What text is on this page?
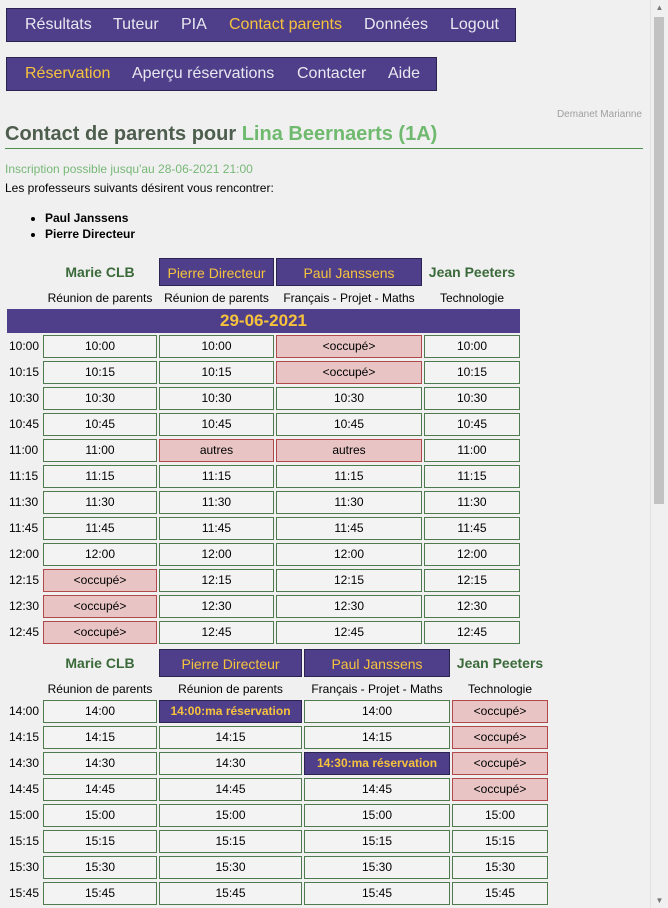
Résultats Tuteur PIA Contact parents Données Logout
Réservation Aperçu réservations Contacter Aide
Demanet Marianne
Contact de parents pour Lina Beernaerts (1A)
Inscription possible jusqu'au 28-06-2021 21:00
Les professeurs suivants désirent vous rencontrer:
• Paul Janssens
• Pierre Directeur
29-06-2021
Marie CLB
Réunion de parents
Pierre Directeur
Réunion de parents
Paul Janssens
Français - Projet - Maths
Jean Peeters
Technologie
10:00	10:00	10:00	<occupé>	10:00
10:15	10:15	10:15	<occupé>	10:15
10:30	10:30	10:30	10:30	10:30
10:45	10:45	10:45	10:45	10:45
11:00	11:00	autres	autres	11:00
11:15	11:15	11:15	11:15	11:15
11:30	11:30	11:30	11:30	11:30
11:45	11:45	11:45	11:45	11:45
12:00	12:00	12:00	12:00	12:00
12:15	<occupé>	12:15	12:15	12:15
12:30	<occupé>	12:30	12:30	12:30
12:45	<occupé>	12:45	12:45	12:45
Marie CLB
Réunion de parents
Pierre Directeur
Réunion de parents
Paul Janssens
Français - Projet - Maths
Jean Peeters
Technologie
14:00	14:00	14:00:ma réservation	14:00	<occupé>
14:15	14:15	14:15	14:15	<occupé>
14:30	14:30	14:30	14:30:ma réservation	<occupé>
14:45	14:45	14:45	14:45	<occupé>
15:00	15:00	15:00	15:00	15:00
15:15	15:15	15:15	15:15	15:15
15:30	15:30	15:30	15:30	15:30
15:45	15:45	15:45	15:45	15:45
▲
▼
